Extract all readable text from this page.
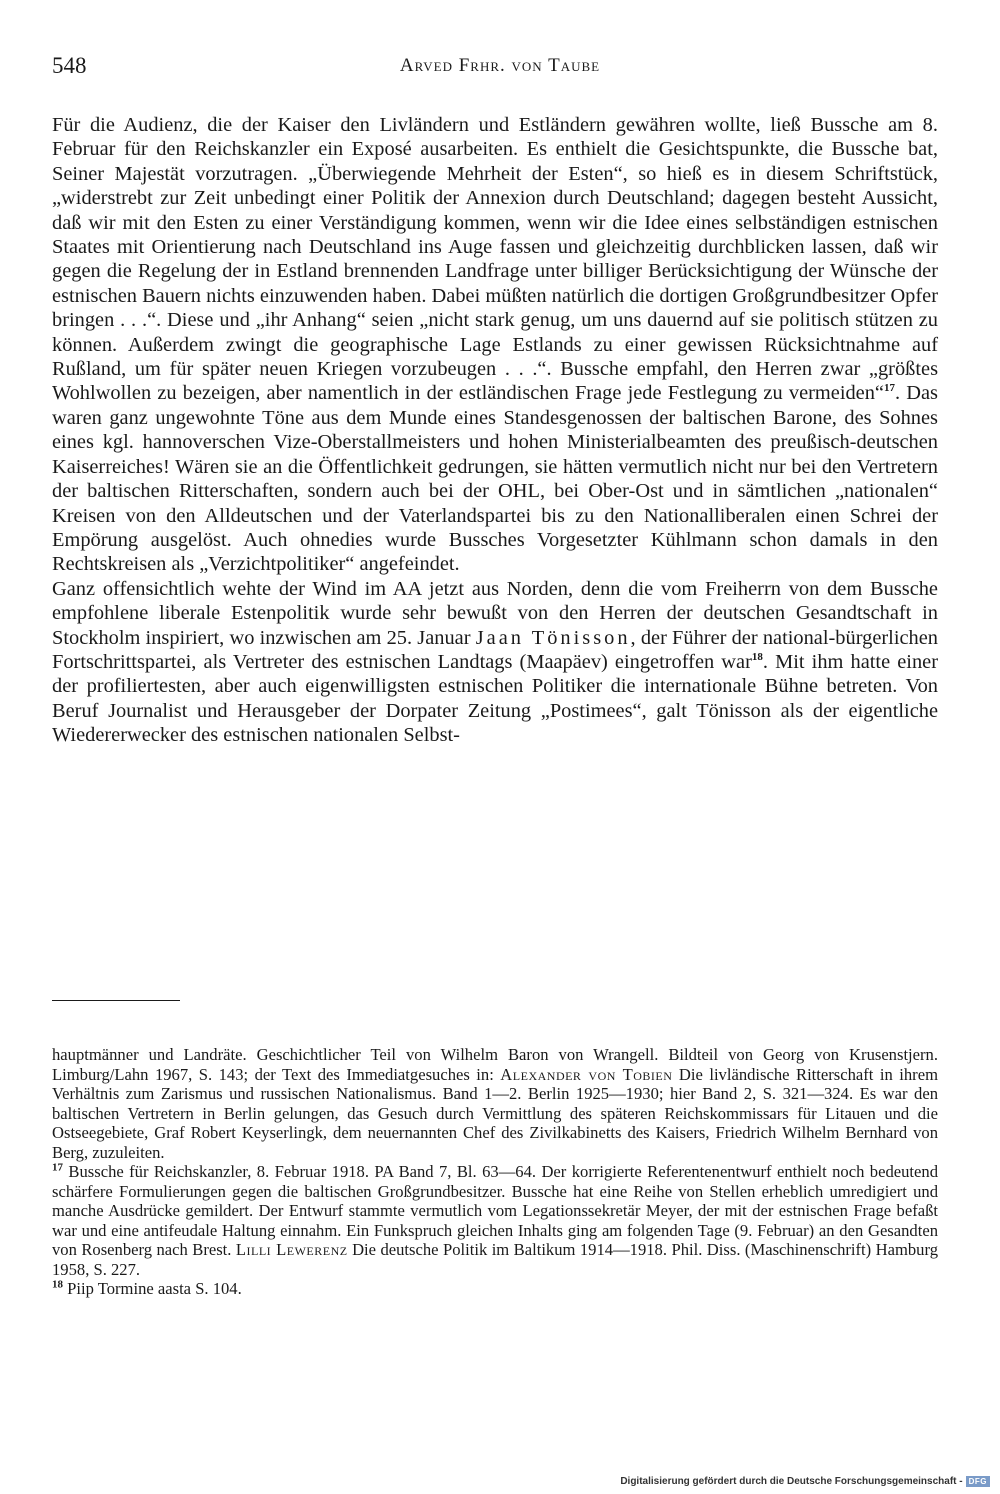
548	Arved Frhr. von Taube

Für die Audienz, die der Kaiser den Livländern und Estländern gewähren wollte, ließ Bussche am 8. Februar für den Reichskanzler ein Exposé ausarbeiten. Es enthielt die Gesichtspunkte, die Bussche bat, Seiner Majestät vorzutragen. „Überwiegende Mehrheit der Esten“, so hieß es in diesem Schriftstück, „widerstrebt zur Zeit unbedingt einer Politik der Annexion durch Deutschland; dagegen besteht Aussicht, daß wir mit den Esten zu einer Verständigung kommen, wenn wir die Idee eines selbständigen estnischen Staates mit Orientierung nach Deutschland ins Auge fassen und gleichzeitig durchblicken lassen, daß wir gegen die Regelung der in Estland brennenden Landfrage unter billiger Berücksichtigung der Wünsche der estnischen Bauern nichts einzuwenden haben. Dabei müßten natürlich die dortigen Großgrundbesitzer Opfer bringen . . .“. Diese und „ihr Anhang“ seien „nicht stark genug, um uns dauernd auf sie politisch stützen zu können. Außerdem zwingt die geographische Lage Estlands zu einer gewissen Rücksichtnahme auf Rußland, um für später neuen Kriegen vorzubeugen . . .“. Bussche empfahl, den Herren zwar „größtes Wohlwollen zu bezeigen, aber namentlich in der estländischen Frage jede Festlegung zu vermeiden“$^{17}$. Das waren ganz ungewohnte Töne aus dem Munde eines Standesgenossen der baltischen Barone, des Sohnes eines kgl. hannoverschen Vize-Oberstallmeisters und hohen Ministerialbeamten des preußisch-deutschen Kaiserreiches! Wären sie an die Öffentlichkeit gedrungen, sie hätten vermutlich nicht nur bei den Vertretern der baltischen Ritterschaften, sondern auch bei der OHL, bei Ober-Ost und in sämtlichen „nationalen“ Kreisen von den Alldeutschen und der Vaterlandspartei bis zu den Nationalliberalen einen Schrei der Empörung ausgelöst. Auch ohnedies wurde Bussches Vorgesetzter Kühlmann schon damals in den Rechtskreisen als „Verzichtpolitiker“ angefeindet.

Ganz offensichtlich wehte der Wind im AA jetzt aus Norden, denn die vom Freiherrn von dem Bussche empfohlene liberale Estenpolitik wurde sehr bewußt von den Herren der deutschen Gesandtschaft in Stockholm inspiriert, wo inzwischen am 25. Januar Jaan Tönisson, der Führer der national-bürgerlichen Fortschrittspartei, als Vertreter des estnischen Landtags (Maapäev) eingetroffen war$^{18}$. Mit ihm hatte einer der profiliertesten, aber auch eigenwilligsten estnischen Politiker die internationale Bühne betreten. Von Beruf Journalist und Herausgeber der Dorpater Zeitung „Postimees“, galt Tönisson als der eigentliche Wiedererwecker des estnischen nationalen Selbst-

hauptmänner und Landräte. Geschichtlicher Teil von Wilhelm Baron von Wrangell. Bildteil von Georg von Krusenstjern. Limburg/Lahn 1967, S. 143; der Text des Immediatgesuches in: Alexander von Tobien Die livländische Ritterschaft in ihrem Verhältnis zum Zarismus und russischen Nationalismus. Band 1—2. Berlin 1925—1930; hier Band 2, S. 321—324. Es war den baltischen Vertretern in Berlin gelungen, das Gesuch durch Vermittlung des späteren Reichskommissars für Litauen und die Ostseegebiete, Graf Robert Keyserlingk, dem neuernannten Chef des Zivilkabinetts des Kaisers, Friedrich Wilhelm Bernhard von Berg, zuzuleiten.

$^{17}$ Bussche für Reichskanzler, 8. Februar 1918. PA Band 7, Bl. 63—64. Der korrigierte Referentenentwurf enthielt noch bedeutend schärfere Formulierungen gegen die baltischen Großgrundbesitzer. Bussche hat eine Reihe von Stellen erheblich umredigiert und manche Ausdrücke gemildert. Der Entwurf stammte vermutlich vom Legationssekretär Meyer, der mit der estnischen Frage befaßt war und eine antifeudale Haltung einnahm. Ein Funkspruch gleichen Inhalts ging am folgenden Tage (9. Februar) an den Gesandten von Rosenberg nach Brest. Lilli Lewerenz Die deutsche Politik im Baltikum 1914—1918. Phil. Diss. (Maschinenschrift) Hamburg 1958, S. 227.

$^{18}$ Piip Tormine aasta S. 104.

Digitalisierung gefördert durch die Deutsche Forschungsgemeinschaft - DFG
